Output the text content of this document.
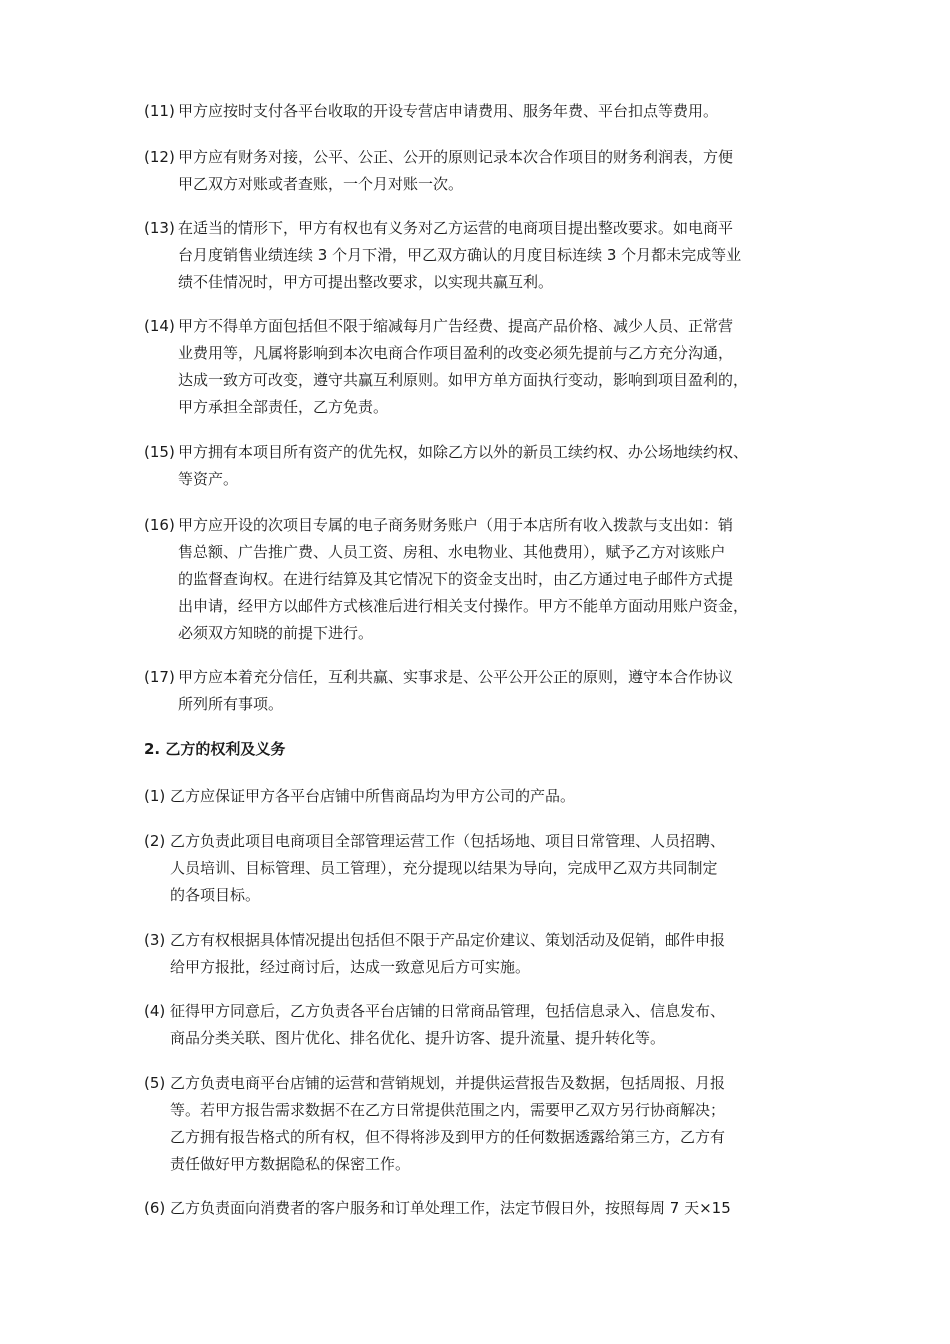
(11) 甲方应按时支付各平台收取的开设专营店申请费用、服务年费、平台扣点等费用。
(12) 甲方应有财务对接，公平、公正、公开的原则记录本次合作项目的财务利润表，方便
甲乙双方对账或者查账，一个月对账一次。
(13) 在适当的情形下，甲方有权也有义务对乙方运营的电商项目提出整改要求。如电商平
台月度销售业绩连续 3 个月下滑，甲乙双方确认的月度目标连续 3 个月都未完成等业
绩不佳情况时，甲方可提出整改要求，以实现共赢互利。
(14) 甲方不得单方面包括但不限于缩减每月广告经费、提高产品价格、减少人员、正常营
业费用等，凡属将影响到本次电商合作项目盈利的改变必须先提前与乙方充分沟通，
达成一致方可改变，遵守共赢互利原则。如甲方单方面执行变动，影响到项目盈利的，
甲方承担全部责任，乙方免责。
(15) 甲方拥有本项目所有资产的优先权，如除乙方以外的新员工续约权、办公场地续约权、
等资产。
(16) 甲方应开设的次项目专属的电子商务财务账户（用于本店所有收入拨款与支出如：销
售总额、广告推广费、人员工资、房租、水电物业、其他费用），赋予乙方对该账户
的监督查询权。在进行结算及其它情况下的资金支出时，由乙方通过电子邮件方式提
出申请，经甲方以邮件方式核准后进行相关支付操作。甲方不能单方面动用账户资金，
必须双方知晓的前提下进行。
(17) 甲方应本着充分信任，互利共赢、实事求是、公平公开公正的原则，遵守本合作协议
所列所有事项。
2. 乙方的权利及义务
(1) 乙方应保证甲方各平台店铺中所售商品均为甲方公司的产品。
(2) 乙方负责此项目电商项目全部管理运营工作（包括场地、项目日常管理、人员招聘、
人员培训、目标管理、员工管理），充分提现以结果为导向，完成甲乙双方共同制定
的各项目标。
(3) 乙方有权根据具体情况提出包括但不限于产品定价建议、策划活动及促销，邮件申报
给甲方报批，经过商讨后，达成一致意见后方可实施。
(4) 征得甲方同意后，乙方负责各平台店铺的日常商品管理，包括信息录入、信息发布、
商品分类关联、图片优化、排名优化、提升访客、提升流量、提升转化等。
(5) 乙方负责电商平台店铺的运营和营销规划，并提供运营报告及数据，包括周报、月报
等。若甲方报告需求数据不在乙方日常提供范围之内，需要甲乙双方另行协商解决；
乙方拥有报告格式的所有权，但不得将涉及到甲方的任何数据透露给第三方，乙方有
责任做好甲方数据隐私的保密工作。
(6) 乙方负责面向消费者的客户服务和订单处理工作，法定节假日外，按照每周 7 天×15
